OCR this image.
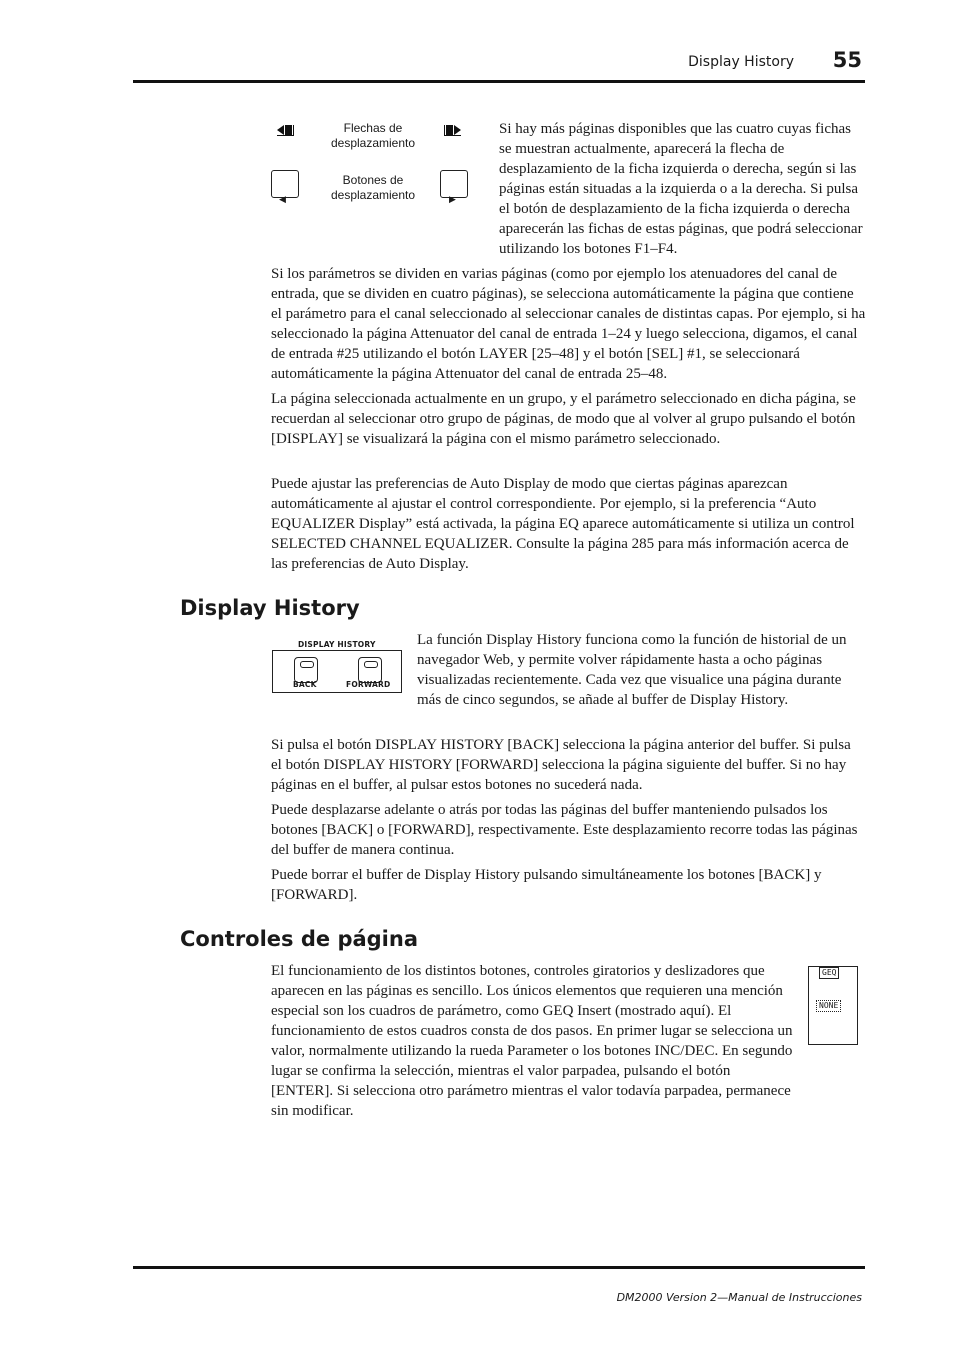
Display History 55
Flechas de
desplazamiento
◀	▶
Botones de
desplazamiento

Si hay más páginas disponibles que las cuatro cuyas fichas se muestran actualmente, aparecerá la flecha de desplazamiento de la ficha izquierda o derecha, según si las páginas están situadas a la izquierda o a la derecha. Si pulsa el botón de desplazamiento de la ficha izquierda o derecha aparecerán las fichas de estas páginas, que podrá seleccionar utilizando los botones F1–F4.

Si los parámetros se dividen en varias páginas (como por ejemplo los atenuadores del canal de entrada, que se dividen en cuatro páginas), se selecciona automáticamente la página que contiene el parámetro para el canal seleccionado al seleccionar canales de distintas capas. Por ejemplo, si ha seleccionado la página Attenuator del canal de entrada 1–24 y luego selecciona, digamos, el canal de entrada #25 utilizando el botón LAYER [25–48] y el botón [SEL] #1, se seleccionará automáticamente la página Attenuator del canal de entrada 25–48.

La página seleccionada actualmente en un grupo, y el parámetro seleccionado en dicha página, se recuerdan al seleccionar otro grupo de páginas, de modo que al volver al grupo pulsando el botón [DISPLAY] se visualizará la página con el mismo parámetro seleccionado.

Puede ajustar las preferencias de Auto Display de modo que ciertas páginas aparezcan automáticamente al ajustar el control correspondiente. Por ejemplo, si la preferencia “Auto EQUALIZER Display” está activada, la página EQ aparece automáticamente si utiliza un control SELECTED CHANNEL EQUALIZER. Consulte la página 285 para más información acerca de las preferencias de Auto Display.

Display History
DISPLAY HISTORY
BACK	FORWARD

La función Display History funciona como la función de historial de un navegador Web, y permite volver rápidamente hasta a ocho páginas visualizadas recientemente. Cada vez que visualice una página durante más de cinco segundos, se añade al buffer de Display History.

Si pulsa el botón DISPLAY HISTORY [BACK] selecciona la página anterior del buffer. Si pulsa el botón DISPLAY HISTORY [FORWARD] selecciona la página siguiente del buffer. Si no hay páginas en el buffer, al pulsar estos botones no sucederá nada.

Puede desplazarse adelante o atrás por todas las páginas del buffer manteniendo pulsados los botones [BACK] o [FORWARD], respectivamente. Este desplazamiento recorre todas las páginas del buffer de manera continua.

Puede borrar el buffer de Display History pulsando simultáneamente los botones [BACK] y [FORWARD].

Controles de página

El funcionamiento de los distintos botones, controles giratorios y deslizadores que aparecen en las páginas es sencillo. Los únicos elementos que requieren una mención especial son los cuadros de parámetro, como GEQ Insert (mostrado aquí). El funcionamiento de estos cuadros consta de dos pasos. En primer lugar se selecciona un valor, normalmente utilizando la rueda Parameter o los botones INC/DEC. En segundo lugar se confirma la selección, mientras el valor parpadea, pulsando el botón [ENTER]. Si selecciona otro parámetro mientras el valor todavía parpadea, permanece sin modificar.

GEQ
NONE
DM2000 Version 2—Manual de Instrucciones
